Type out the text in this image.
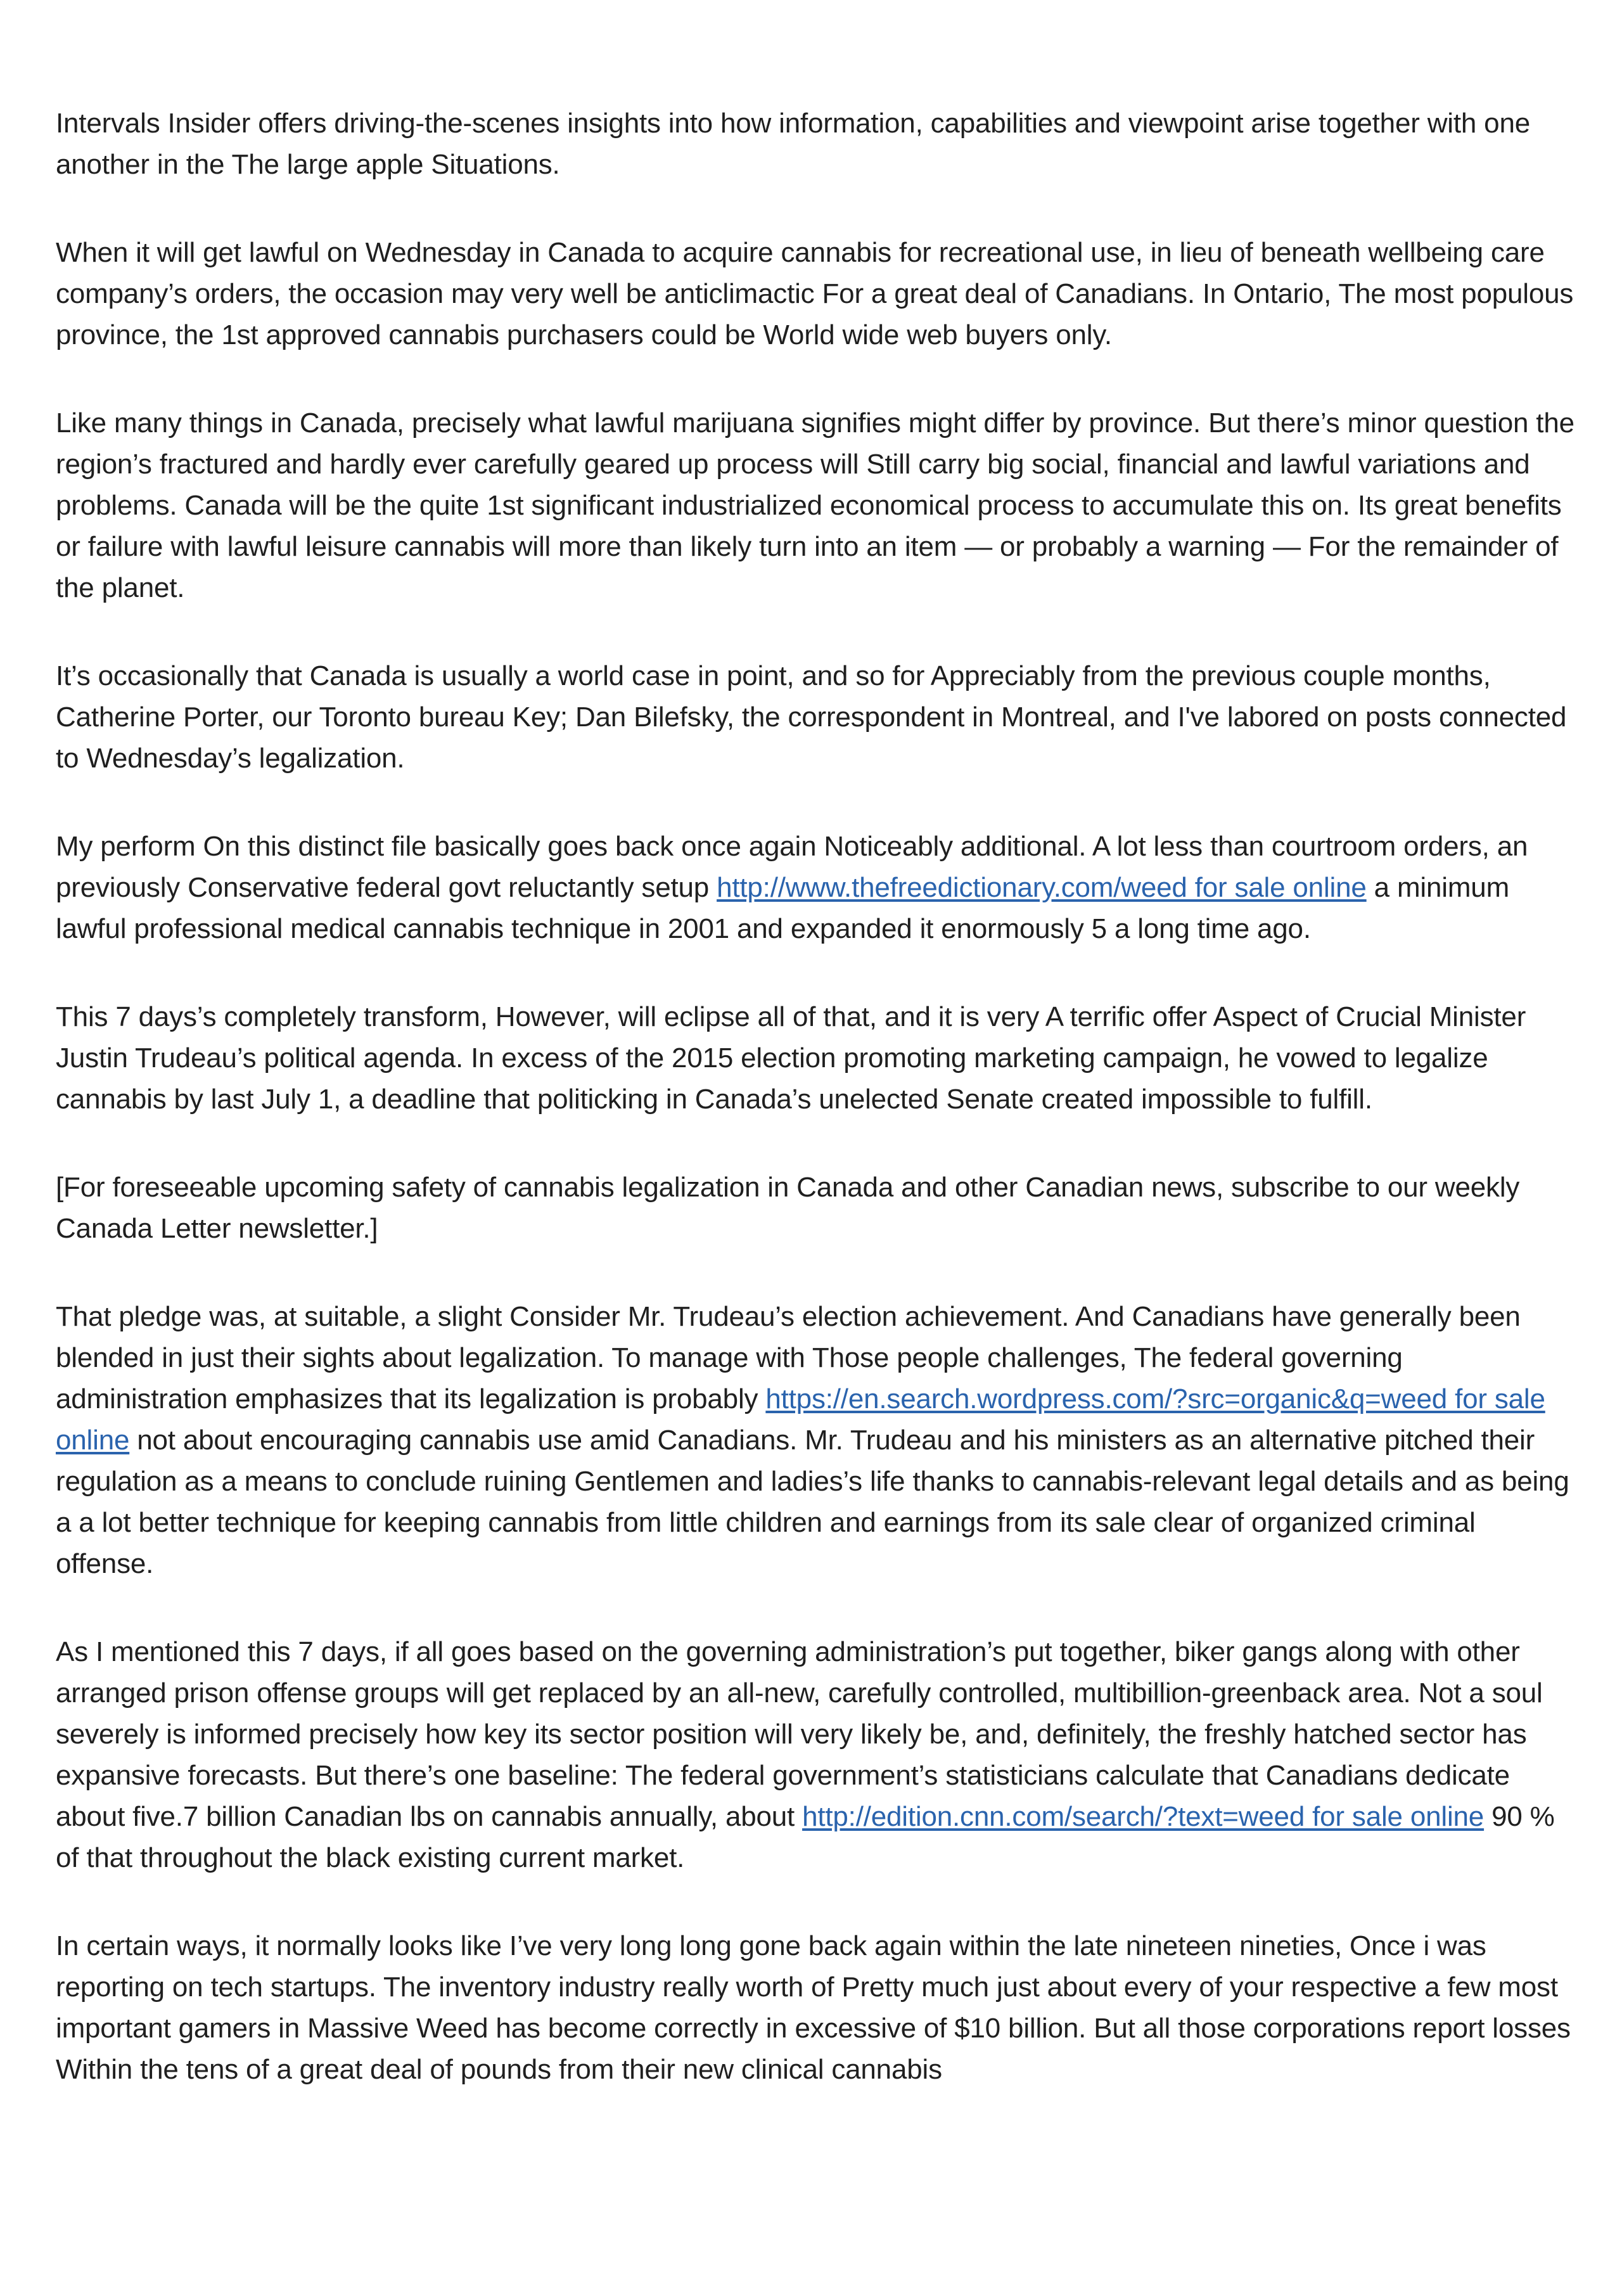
Intervals Insider offers driving-the-scenes insights into how information, capabilities and viewpoint arise together with one another in the The large apple Situations.

When it will get lawful on Wednesday in Canada to acquire cannabis for recreational use, in lieu of beneath wellbeing care company’s orders, the occasion may very well be anticlimactic For a great deal of Canadians. In Ontario, The most populous province, the 1st approved cannabis purchasers could be World wide web buyers only.

Like many things in Canada, precisely what lawful marijuana signifies might differ by province. But there’s minor question the region’s fractured and hardly ever carefully geared up process will Still carry big social, financial and lawful variations and problems. Canada will be the quite 1st significant industrialized economical process to accumulate this on. Its great benefits or failure with lawful leisure cannabis will more than likely turn into an item — or probably a warning — For the remainder of the planet.

It’s occasionally that Canada is usually a world case in point, and so for Appreciably from the previous couple months, Catherine Porter, our Toronto bureau Key; Dan Bilefsky, the correspondent in Montreal, and I've labored on posts connected to Wednesday’s legalization.

My perform On this distinct file basically goes back once again Noticeably additional. A lot less than courtroom orders, an previously Conservative federal govt reluctantly setup http://www.thefreedictionary.com/weed for sale online a minimum lawful professional medical cannabis technique in 2001 and expanded it enormously 5 a long time ago.

This 7 days’s completely transform, However, will eclipse all of that, and it is very A terrific offer Aspect of Crucial Minister Justin Trudeau’s political agenda. In excess of the 2015 election promoting marketing campaign, he vowed to legalize cannabis by last July 1, a deadline that politicking in Canada’s unelected Senate created impossible to fulfill.

[For foreseeable upcoming safety of cannabis legalization in Canada and other Canadian news, subscribe to our weekly Canada Letter newsletter.]

That pledge was, at suitable, a slight Consider Mr. Trudeau’s election achievement. And Canadians have generally been blended in just their sights about legalization. To manage with Those people challenges, The federal governing administration emphasizes that its legalization is probably https://en.search.wordpress.com/?src=organic&q=weed for sale online not about encouraging cannabis use amid Canadians. Mr. Trudeau and his ministers as an alternative pitched their regulation as a means to conclude ruining Gentlemen and ladies’s life thanks to cannabis-relevant legal details and as being a a lot better technique for keeping cannabis from little children and earnings from its sale clear of organized criminal offense.

As I mentioned this 7 days, if all goes based on the governing administration’s put together, biker gangs along with other arranged prison offense groups will get replaced by an all-new, carefully controlled, multibillion-greenback area. Not a soul severely is informed precisely how key its sector position will very likely be, and, definitely, the freshly hatched sector has expansive forecasts. But there’s one baseline: The federal government’s statisticians calculate that Canadians dedicate about five.7 billion Canadian lbs on cannabis annually, about http://edition.cnn.com/search/?text=weed for sale online 90 % of that throughout the black existing current market.

In certain ways, it normally looks like I’ve very long long gone back again within the late nineteen nineties, Once i was reporting on tech startups. The inventory industry really worth of Pretty much just about every of your respective a few most important gamers in Massive Weed has become correctly in excessive of $10 billion. But all those corporations report losses Within the tens of a great deal of pounds from their new clinical cannabis
